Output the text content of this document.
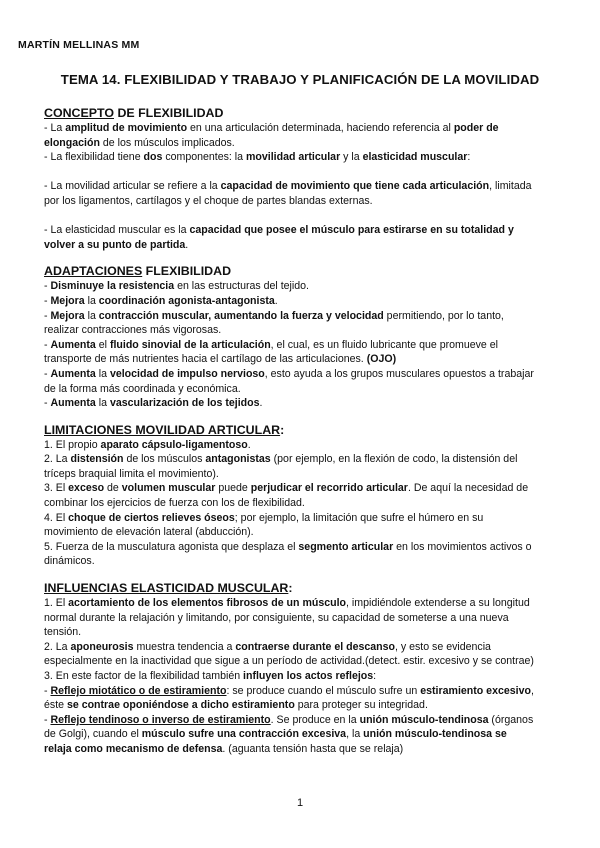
MARTÍN MELLINAS MM
TEMA 14. FLEXIBILIDAD Y TRABAJO Y PLANIFICACIÓN DE LA MOVILIDAD
CONCEPTO DE FLEXIBILIDAD
- La amplitud de movimiento en una articulación determinada, haciendo referencia al poder de
elongación de los músculos implicados.
- La flexibilidad tiene dos componentes: la movilidad articular y la elasticidad muscular:
- La movilidad articular se refiere a la capacidad de movimiento que tiene cada articulación, limitada
por los ligamentos, cartílagos y el choque de partes blandas externas.
- La elasticidad muscular es la capacidad que posee el músculo para estirarse en su totalidad y
volver a su punto de partida.
ADAPTACIONES FLEXIBILIDAD
- Disminuye la resistencia en las estructuras del tejido.
- Mejora la coordinación agonista-antagonista.
- Mejora la contracción muscular, aumentando la fuerza y velocidad permitiendo, por lo tanto,
realizar contracciones más vigorosas.
- Aumenta el fluido sinovial de la articulación, el cual, es un fluido lubricante que promueve el
transporte de más nutrientes hacia el cartílago de las articulaciones. (OJO)
- Aumenta la velocidad de impulso nervioso, esto ayuda a los grupos musculares opuestos a trabajar
de la forma más coordinada y económica.
- Aumenta la vascularización de los tejidos.
LIMITACIONES MOVILIDAD ARTICULAR:
1. El propio aparato cápsulo-ligamentoso.
2. La distensión de los músculos antagonistas (por ejemplo, en la flexión de codo, la distensión del
tríceps braquial limita el movimiento).
3. El exceso de volumen muscular puede perjudicar el recorrido articular. De aquí la necesidad de
combinar los ejercicios de fuerza con los de flexibilidad.
4. El choque de ciertos relieves óseos; por ejemplo, la limitación que sufre el húmero en su
movimiento de elevación lateral (abducción).
5. Fuerza de la musculatura agonista que desplaza el segmento articular en los movimientos activos o
dinámicos.
INFLUENCIAS ELASTICIDAD MUSCULAR:
1. El acortamiento de los elementos fibrosos de un músculo, impidiéndole extenderse a su longitud
normal durante la relajación y limitando, por consiguiente, su capacidad de someterse a una nueva
tensión.
2. La aponeurosis muestra tendencia a contraerse durante el descanso, y esto se evidencia
especialmente en la inactividad que sigue a un período de actividad.(detect. estir. excesivo y se contrae)
3. En este factor de la flexibilidad también influyen los actos reflejos:
- Reflejo miotático o de estiramiento: se produce cuando el músculo sufre un estiramiento excesivo,
éste se contrae oponiéndose a dicho estiramiento para proteger su integridad.
- Reflejo tendinoso o inverso de estiramiento. Se produce en la unión músculo-tendinosa (órganos
de Golgi), cuando el músculo sufre una contracción excesiva, la unión músculo-tendinosa se
relaja como mecanismo de defensa. (aguanta tensión hasta que se relaja)
1
